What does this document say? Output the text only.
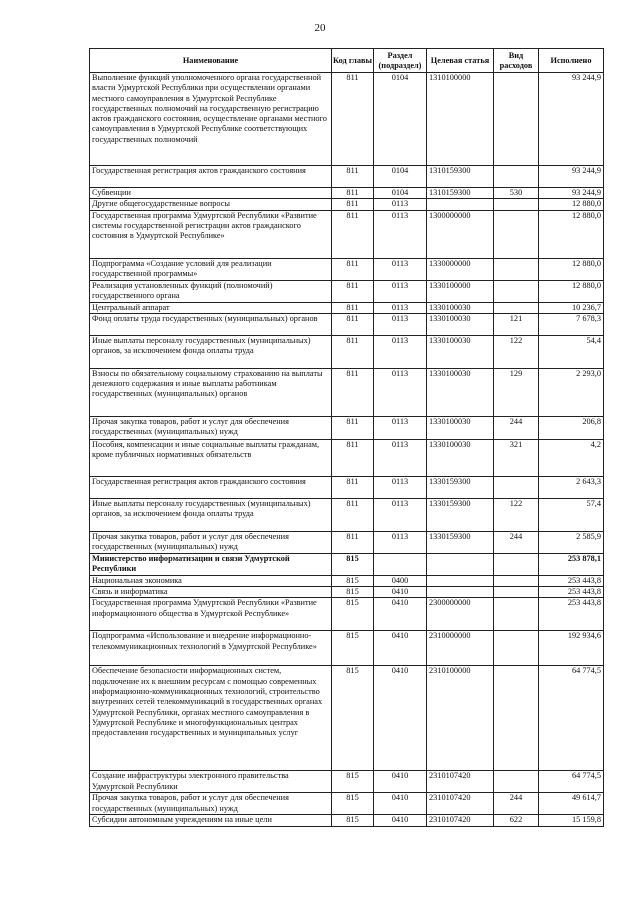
20
Наименование	Код главы	Раздел (подраздел)	Целевая статья	Вид расходов	Исполнено
Выполнение функций уполномоченного органа государственной власти Удмуртской Республики при осуществлении органами местного самоуправления в Удмуртской Республике государственных полномочий на государственную регистрацию актов гражданского состояния, осуществление органами местного самоуправления в Удмуртской Республике соответствующих государственных полномочий	811	0104	1310100000		93 244,9
Государственная регистрация актов гражданского состояния	811	0104	1310159300		93 244,9
Субвенции	811	0104	1310159300	530	93 244,9
Другие общегосударственные вопросы	811	0113			12 880,0
Государственная программа Удмуртской Республики «Развитие системы государственной регистрации актов гражданского состояния в Удмуртской Республике»	811	0113	1300000000		12 880,0
Подпрограмма «Создание условий для реализации государственной программы»	811	0113	1330000000		12 880,0
Реализация установленных функций (полномочий) государственного органа	811	0113	1330100000		12 880,0
Центральный аппарат	811	0113	1330100030		10 236,7
Фонд оплаты труда государственных (муниципальных) органов	811	0113	1330100030	121	7 678,3
Иные выплаты персоналу государственных (муниципальных) органов, за исключением фонда оплаты труда	811	0113	1330100030	122	54,4
Взносы по обязательному социальному страхованию на выплаты денежного содержания и иные выплаты работникам государственных (муниципальных) органов	811	0113	1330100030	129	2 293,0
Прочая закупка товаров, работ и услуг для обеспечения государственных (муниципальных) нужд	811	0113	1330100030	244	206,8
Пособия, компенсации и иные социальные выплаты гражданам, кроме публичных нормативных обязательств	811	0113	1330100030	321	4,2
Государственная регистрация актов гражданского состояния	811	0113	1330159300		2 643,3
Иные выплаты персоналу государственных (муниципальных) органов, за исключением фонда оплаты труда	811	0113	1330159300	122	57,4
Прочая закупка товаров, работ и услуг для обеспечения государственных (муниципальных) нужд	811	0113	1330159300	244	2 585,9
Министерство информатизации и связи Удмуртской Республики	815				253 878,1
Национальная экономика	815	0400			253 443,8
Связь и информатика	815	0410			253 443,8
Государственная программа Удмуртской Республики «Развитие информационного общества в Удмуртской Республике»	815	0410	2300000000		253 443,8
Подпрограмма «Использование и внедрение информационно-телекоммуникационных технологий в Удмуртской Республике»	815	0410	2310000000		192 934,6
Обеспечение безопасности информационных систем, подключение их к внешним ресурсам с помощью современных информационно-коммуникационных технологий, строительство внутренних сетей телекоммуникаций в государственных органах Удмуртской Республики, органах местного самоуправления в Удмуртской Республике и многофункциональных центрах предоставления государственных и муниципальных услуг	815	0410	2310100000		64 774,5
Создание инфраструктуры электронного правительства Удмуртской Республики	815	0410	2310107420		64 774,5
Прочая закупка товаров, работ и услуг для обеспечения государственных (муниципальных) нужд	815	0410	2310107420	244	49 614,7
Субсидии автономным учреждениям на иные цели	815	0410	2310107420	622	15 159,8
